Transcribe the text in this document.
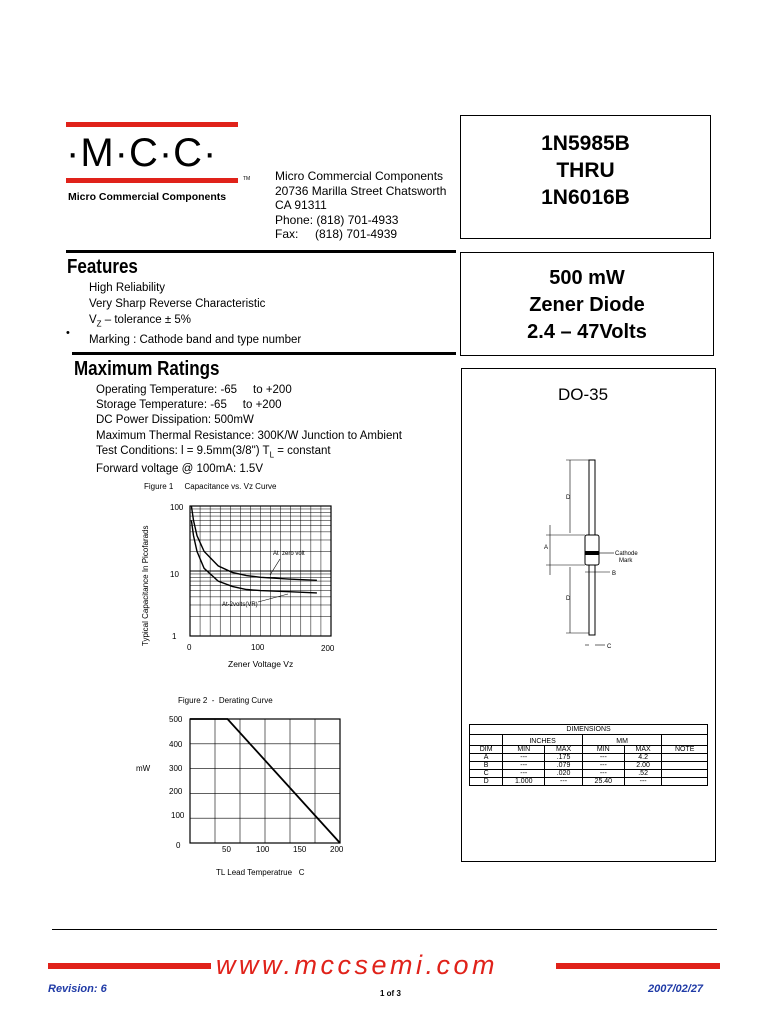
·M·C·C·
TM
Micro Commercial Components
Micro Commercial Components
20736 Marilla Street Chatsworth
CA 91311
Phone: (818) 701-4933
Fax:     (818) 701-4939
1N5985B
THRU
1N6016B
500 mW
Zener Diode
2.4 – 47Volts
Features
High Reliability
Very Sharp Reverse Characteristic
$V_Z$ – tolerance ± 5%
Marking : Cathode band and type number
•
Maximum Ratings
Operating Temperature: -65     to +200
Storage Temperature: -65     to +200
DC Power Dissipation: 500mW
Maximum Thermal Resistance: 300K/W Junction to Ambient
Test Conditions: l = 9.5mm(3/8") $T_L$ = constant
Forward voltage @ 100mA: 1.5V
Figure 1     Capacitance vs. Vz Curve
100
10
1
0	100	200
Zener Voltage Vz
Typical Capacitance In Picofarads	At  zero volt
At-2volts(VR)
Figure 2  -  Derating Curve
mW
500
400
300
200
100
0	50	100	150	200
TL Lead Temperatrue   C
DO-35
D
A
D
B
Cathode
Mark
C
DIMENSIONS					
	INCHES		MM		
DIM	MIN	MAX	MIN	MAX	NOTE
A	---	.175	---	4.2	
B	---	.079	---	2.00	
C	---	.020	---	.52	
D	1.000	---	25.40	---	
www.mccsemi.com
Revision: 6	1 of 3	2007/02/27
